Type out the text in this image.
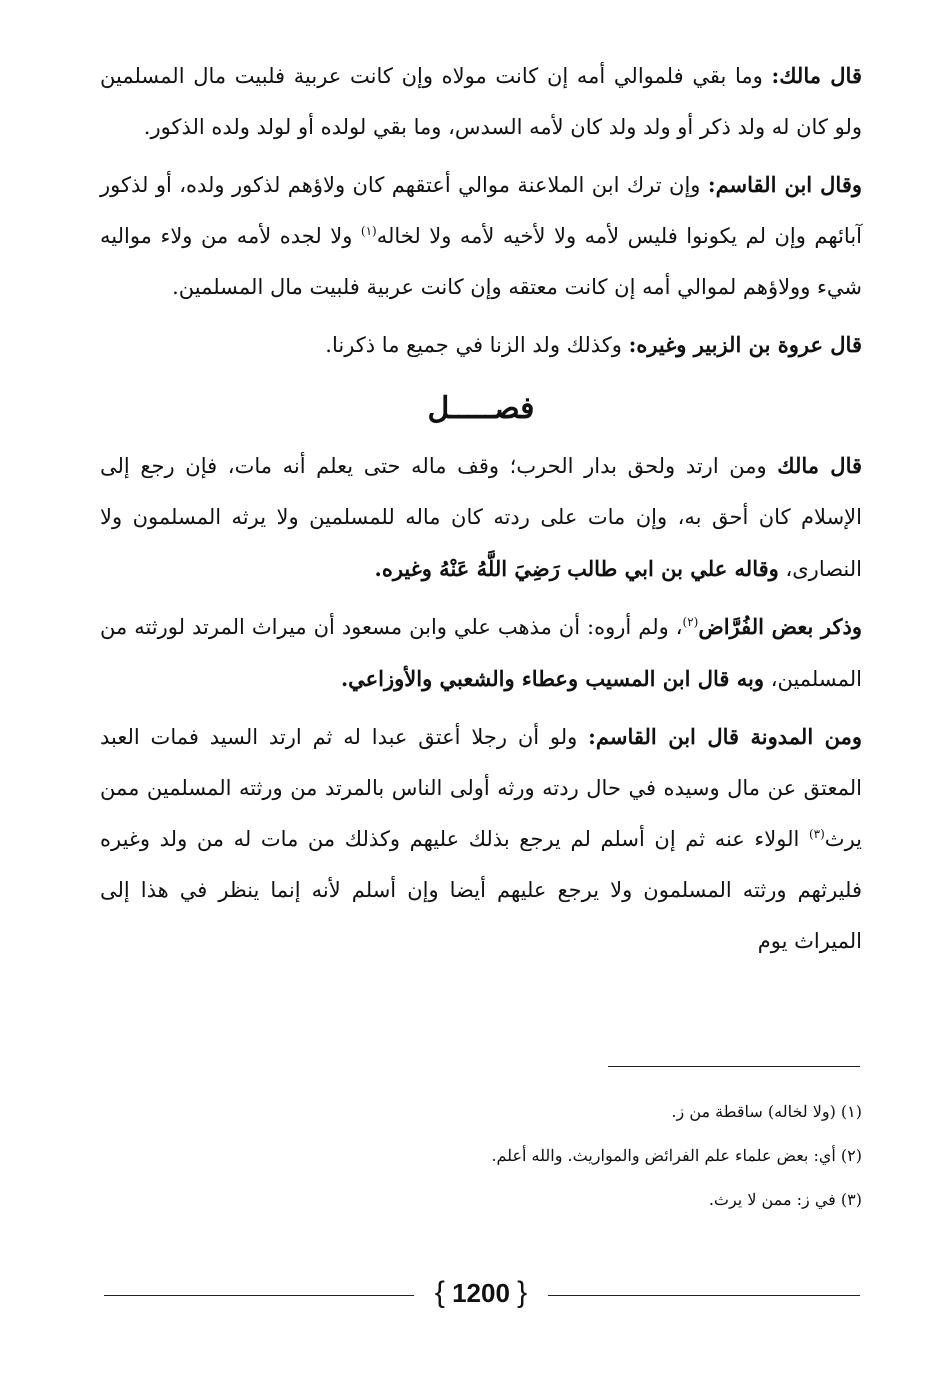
قال مالك: وما بقي فلموالي أمه إن كانت مولاه وإن كانت عربية فلبيت مال المسلمين ولو كان له ولد ذكر أو ولد ولد كان لأمه السدس، وما بقي لولده أو لولد ولده الذكور.

وقال ابن القاسم: وإن ترك ابن الملاعنة موالي أعتقهم كان ولاؤهم لذكور ولده، أو لذكور آبائهم وإن لم يكونوا فليس لأمه ولا لأخيه لأمه ولا لخاله$^{(١)}$ ولا لجده لأمه من ولاء مواليه شيء وولاؤهم لموالي أمه إن كانت معتقه وإن كانت عربية فلبيت مال المسلمين.

قال عروة بن الزبير وغيره: وكذلك ولد الزنا في جميع ما ذكرنا.

فصـــــل

قال مالك ومن ارتد ولحق بدار الحرب؛ وقف ماله حتى يعلم أنه مات، فإن رجع إلى الإسلام كان أحق به، وإن مات على ردته كان ماله للمسلمين ولا يرثه المسلمون ولا النصارى، وقاله علي بن ابي طالب رَضِيَ اللَّهُ عَنْهُ وغيره.

وذكر بعض الفُرَّاض$^{(٢)}$، ولم أروه: أن مذهب علي وابن مسعود أن ميراث المرتد لورثته من المسلمين، وبه قال ابن المسيب وعطاء والشعبي والأوزاعي.

ومن المدونة قال ابن القاسم: ولو أن رجلا أعتق عبدا له ثم ارتد السيد فمات العبد المعتق عن مال وسيده في حال ردته ورثه أولى الناس بالمرتد من ورثته المسلمين ممن يرث$^{(٣)}$ الولاء عنه ثم إن أسلم لم يرجع بذلك عليهم وكذلك من مات له من ولد وغيره فليرثهم ورثته المسلمون ولا يرجع عليهم أيضا وإن أسلم لأنه إنما ينظر في هذا إلى الميراث يوم

(١) (ولا لخاله) ساقطة من ز.
(٢) أي: بعض علماء علم الفرائض والمواريث. والله أعلم.
(٣) في ز: ممن لا يرث.
{ 1200 }
